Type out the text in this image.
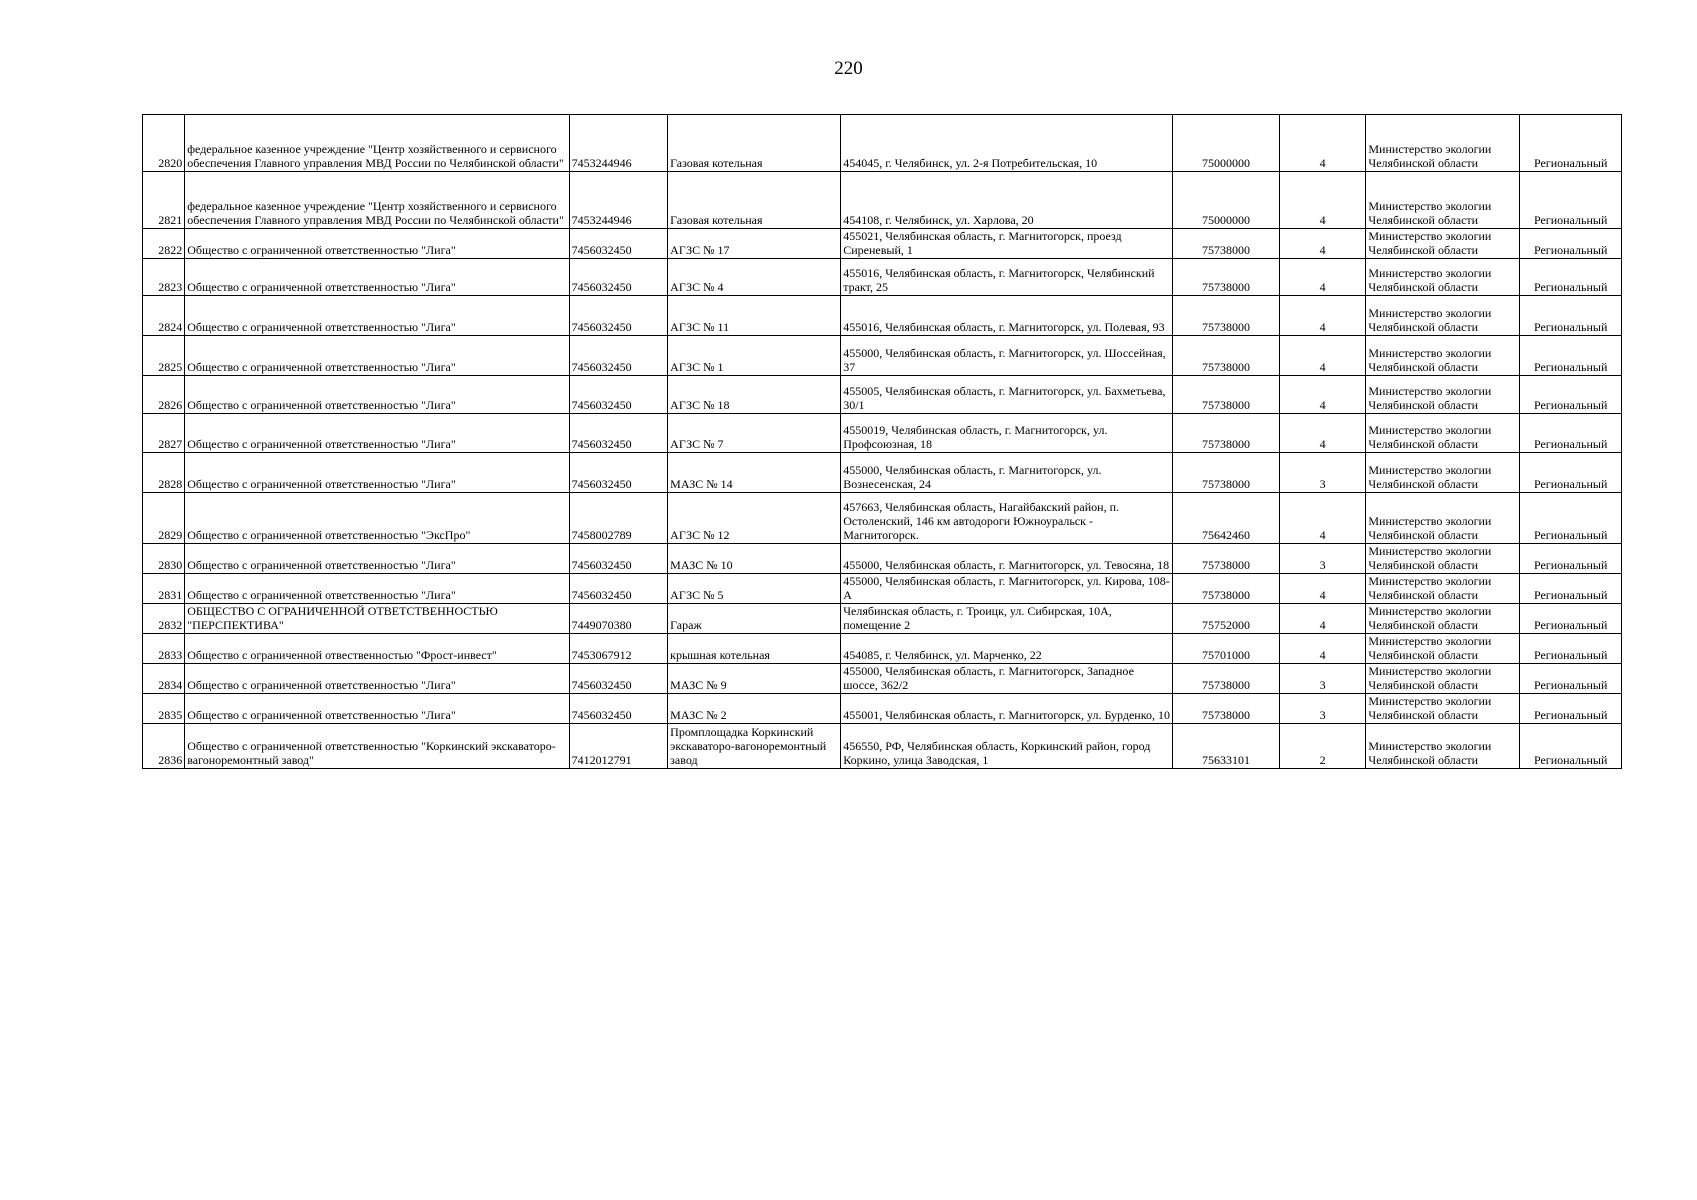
220
2820	федеральное казенное учреждение "Центр хозяйственного и сервисного обеспечения Главного управления МВД России по Челябинской области"	7453244946	Газовая котельная	454045, г. Челябинск, ул. 2-я Потребительская, 10	75000000	4	Министерство экологии Челябинской области	Региональный
2821	федеральное казенное учреждение "Центр хозяйственного и сервисного обеспечения Главного управления МВД России по Челябинской области"	7453244946	Газовая котельная	454108, г. Челябинск, ул. Харлова, 20	75000000	4	Министерство экологии Челябинской области	Региональный
2822	Общество с ограниченной ответственностью "Лига"	7456032450	АГЗС № 17	455021, Челябинская область, г. Магнитогорск, проезд Сиреневый, 1	75738000	4	Министерство экологии Челябинской области	Региональный
2823	Общество с ограниченной ответственностью "Лига"	7456032450	АГЗС № 4	455016, Челябинская область, г. Магнитогорск, Челябинский тракт, 25	75738000	4	Министерство экологии Челябинской области	Региональный
2824	Общество с ограниченной ответственностью "Лига"	7456032450	АГЗС № 11	455016, Челябинская область, г. Магнитогорск, ул. Полевая, 93	75738000	4	Министерство экологии Челябинской области	Региональный
2825	Общество с ограниченной ответственностью "Лига"	7456032450	АГЗС № 1	455000, Челябинская область, г. Магнитогорск, ул. Шоссейная, 37	75738000	4	Министерство экологии Челябинской области	Региональный
2826	Общество с ограниченной ответственностью "Лига"	7456032450	АГЗС № 18	455005, Челябинская область, г. Магнитогорск, ул. Бахметьева, 30/1	75738000	4	Министерство экологии Челябинской области	Региональный
2827	Общество с ограниченной ответственностью "Лига"	7456032450	АГЗС № 7	4550019, Челябинская область, г. Магнитогорск, ул. Профсоюзная, 18	75738000	4	Министерство экологии Челябинской области	Региональный
2828	Общество с ограниченной ответственностью "Лига"	7456032450	МАЗС № 14	455000, Челябинская область, г. Магнитогорск, ул. Вознесенская, 24	75738000	3	Министерство экологии Челябинской области	Региональный
2829	Общество с ограниченной ответственностью "ЭксПро"	7458002789	АГЗС № 12	457663, Челябинская область, Нагайбакский район, п. Остоленский, 146 км автодороги Южноуральск - Магнитогорск.	75642460	4	Министерство экологии Челябинской области	Региональный
2830	Общество с ограниченной ответственностью "Лига"	7456032450	МАЗС № 10	455000, Челябинская область, г. Магнитогорск, ул. Тевосяна, 18	75738000	3	Министерство экологии Челябинской области	Региональный
2831	Общество с ограниченной ответственностью "Лига"	7456032450	АГЗС № 5	455000, Челябинская область, г. Магнитогорск, ул. Кирова, 108-А	75738000	4	Министерство экологии Челябинской области	Региональный
2832	ОБЩЕСТВО С ОГРАНИЧЕННОЙ ОТВЕТСТВЕННОСТЬЮ "ПЕРСПЕКТИВА"	7449070380	Гараж	Челябинская область, г. Троицк, ул. Сибирская, 10А, помещение 2	75752000	4	Министерство экологии Челябинской области	Региональный
2833	Общество с ограниченной отвественностью "Фрост-инвест"	7453067912	крышная котельная	454085, г. Челябинск, ул. Марченко, 22	75701000	4	Министерство экологии Челябинской области	Региональный
2834	Общество с ограниченной ответственностью "Лига"	7456032450	МАЗС № 9	455000, Челябинская область, г. Магнитогорск, Западное шоссе, 362/2	75738000	3	Министерство экологии Челябинской области	Региональный
2835	Общество с ограниченной ответственностью "Лига"	7456032450	МАЗС № 2	455001, Челябинская область, г. Магнитогорск, ул. Бурденко, 10	75738000	3	Министерство экологии Челябинской области	Региональный
2836	Общество с ограниченной ответственностью "Коркинский экскаваторо-вагоноремонтный завод"	7412012791	Промплощадка Коркинский экскаваторо-вагоноремонтный завод	456550, РФ, Челябинская область, Коркинский район, город Коркино, улица Заводская, 1	75633101	2	Министерство экологии Челябинской области	Региональный
